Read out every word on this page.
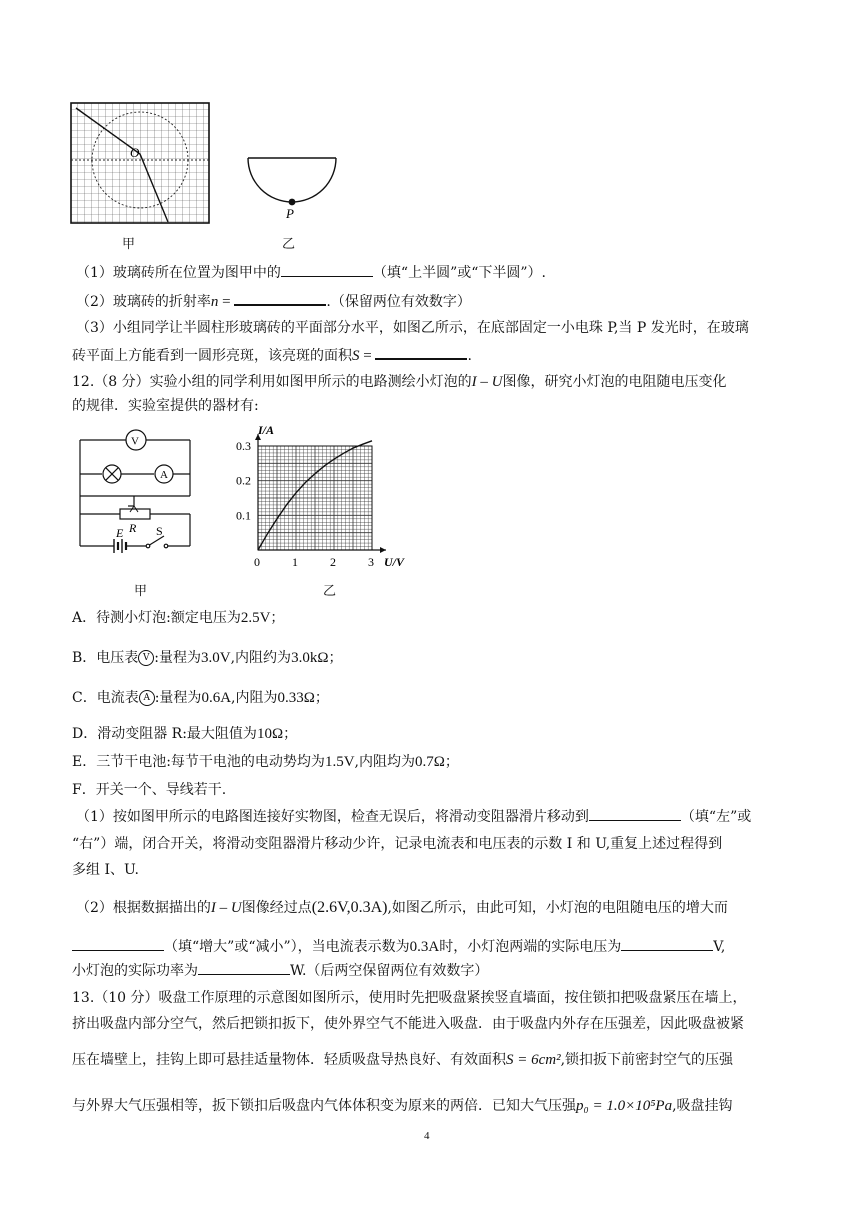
O
P
甲	乙
（1）玻璃砖所在位置为图甲中的	（填“上半圆”或“下半圆”）.
（2）玻璃砖的折射率n =	.（保留两位有效数字）
（3）小组同学让半圆柱形玻璃砖的平面部分水平，如图乙所示，在底部固定一小电珠 P,当 P 发光时，在玻璃
砖平面上方能看到一圆形亮斑，该亮斑的面积S =	.
12.（8 分）实验小组的同学利用如图甲所示的电路测绘小灯泡的I – U图像，研究小灯泡的电阻随电压变化
的规律．实验室提供的器材有:
V
A
R
E	S
甲
0	1	2	3
0.1
0.2
0.3
I/A
U/V
乙
A．待测小灯泡:额定电压为2.5V；
B．电压表 V :量程为3.0V,内阻约为3.0kΩ；
C．电流表 A :量程为0.6A,内阻为0.33Ω；
D．滑动变阻器 R:最大阻值为10Ω；
E．三节干电池:每节干电池的电动势均为1.5V,内阻均为0.7Ω；
F．开关一个、导线若干.
（1）按如图甲所示的电路图连接好实物图，检查无误后，将滑动变阻器滑片移动到	（填“左”或
“右”）端，闭合开关，将滑动变阻器滑片移动少许，记录电流表和电压表的示数 I 和 U,重复上述过程得到
多组 I、U.
（2）根据数据描出的I – U图像经过点(2.6V,0.3A),如图乙所示，由此可知，小灯泡的电阻随电压的增大而
（填“增大”或“减小”），当电流表示数为0.3A时，小灯泡两端的实际电压为	V,
小灯泡的实际功率为	W.（后两空保留两位有效数字）
13.（10 分）吸盘工作原理的示意图如图所示，使用时先把吸盘紧挨竖直墙面，按住锁扣把吸盘紧压在墙上，
挤出吸盘内部分空气，然后把锁扣扳下，使外界空气不能进入吸盘．由于吸盘内外存在压强差，因此吸盘被紧
压在墙壁上，挂钩上即可悬挂适量物体．轻质吸盘导热良好、有效面积S = 6cm²,锁扣扳下前密封空气的压强
与外界大气压强相等，扳下锁扣后吸盘内气体体积变为原来的两倍．已知大气压强p₀ = 1.0×10⁵Pa,吸盘挂钩
4
